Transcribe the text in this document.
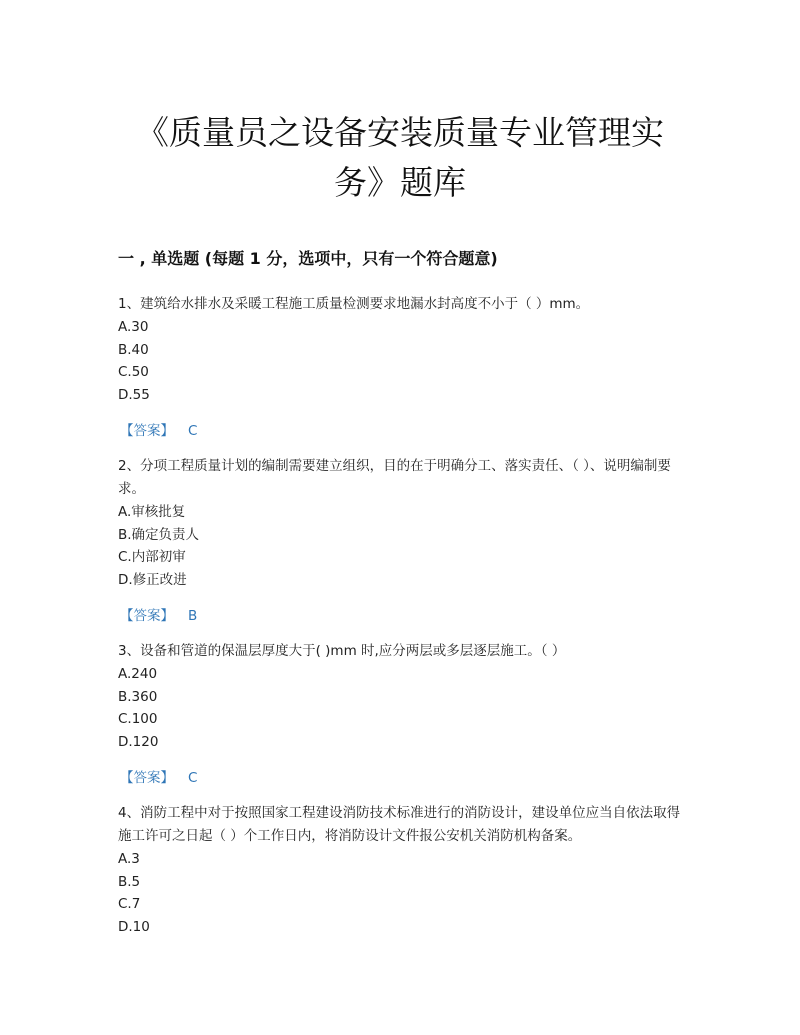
《质量员之设备安装质量专业管理实
务》题库
一 , 单选题 (每题 1 分，选项中，只有一个符合题意)

1、建筑给水排水及采暖工程施工质量检测要求地漏水封高度不小于（ ）mm。

A.30

B.40

C.50

D.55

【答案】 C

2、分项工程质量计划的编制需要建立组织，目的在于明确分工、落实责任、（ ）、说明编制要求。

A.审核批复

B.确定负责人

C.内部初审

D.修正改进

【答案】 B

3、设备和管道的保温层厚度大于( )mm 时,应分两层或多层逐层施工。（ ）

A.240

B.360

C.100

D.120

【答案】 C

4、消防工程中对于按照国家工程建设消防技术标准进行的消防设计，建设单位应当自依法取得施工许可之日起（ ）个工作日内，将消防设计文件报公安机关消防机构备案。

A.3

B.5

C.7

D.10
